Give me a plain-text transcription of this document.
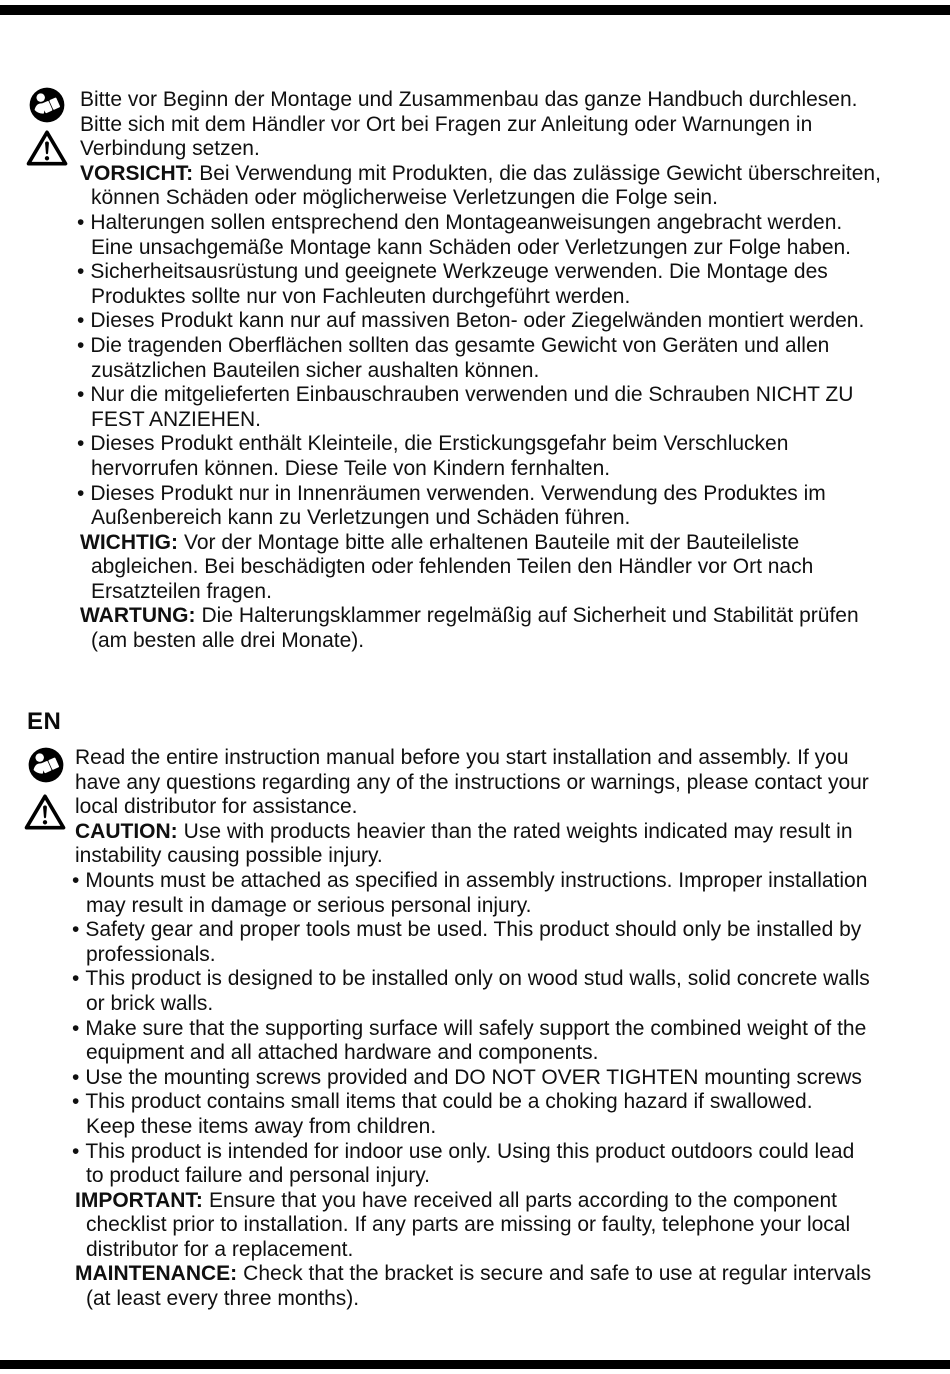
Bitte vor Beginn der Montage und Zusammenbau das ganze Handbuch durchlesen.
Bitte sich mit dem Händler vor Ort bei Fragen zur Anleitung oder Warnungen in
Verbindung setzen.
VORSICHT: Bei Verwendung mit Produkten, die das zulässige Gewicht überschreiten,
können Schäden oder möglicherweise Verletzungen die Folge sein.
• Halterungen sollen entsprechend den Montageanweisungen angebracht werden.
Eine unsachgemäße Montage kann Schäden oder Verletzungen zur Folge haben.
• Sicherheitsausrüstung und geeignete Werkzeuge verwenden. Die Montage des
Produktes sollte nur von Fachleuten durchgeführt werden.
• Dieses Produkt kann nur auf massiven Beton- oder Ziegelwänden montiert werden.
• Die tragenden Oberflächen sollten das gesamte Gewicht von Geräten und allen
zusätzlichen Bauteilen sicher aushalten können.
• Nur die mitgelieferten Einbauschrauben verwenden und die Schrauben NICHT ZU
FEST ANZIEHEN.
• Dieses Produkt enthält Kleinteile, die Erstickungsgefahr beim Verschlucken
hervorrufen können. Diese Teile von Kindern fernhalten.
• Dieses Produkt nur in Innenräumen verwenden. Verwendung des Produktes im
Außenbereich kann zu Verletzungen und Schäden führen.
WICHTIG: Vor der Montage bitte alle erhaltenen Bauteile mit der Bauteileliste
abgleichen. Bei beschädigten oder fehlenden Teilen den Händler vor Ort nach
Ersatzteilen fragen.
WARTUNG: Die Halterungsklammer regelmäßig auf Sicherheit und Stabilität prüfen
(am besten alle drei Monate).
EN
Read the entire instruction manual before you start installation and assembly. If you
have any questions regarding any of the instructions or warnings, please contact your
local distributor for assistance.
CAUTION: Use with products heavier than the rated weights indicated may result in
instability causing possible injury.
• Mounts must be attached as specified in assembly instructions. Improper installation
may result in damage or serious personal injury.
• Safety gear and proper tools must be used. This product should only be installed by
professionals.
• This product is designed to be installed only on wood stud walls, solid concrete walls
or brick walls.
• Make sure that the supporting surface will safely support the combined weight of the
equipment and all attached hardware and components.
• Use the mounting screws provided and DO NOT OVER TIGHTEN mounting screws
• This product contains small items that could be a choking hazard if swallowed.
Keep these items away from children.
• This product is intended for indoor use only. Using this product outdoors could lead
to product failure and personal injury.
IMPORTANT: Ensure that you have received all parts according to the component
checklist prior to installation. If any parts are missing or faulty, telephone your local
distributor for a replacement.
MAINTENANCE: Check that the bracket is secure and safe to use at regular intervals
(at least every three months).
